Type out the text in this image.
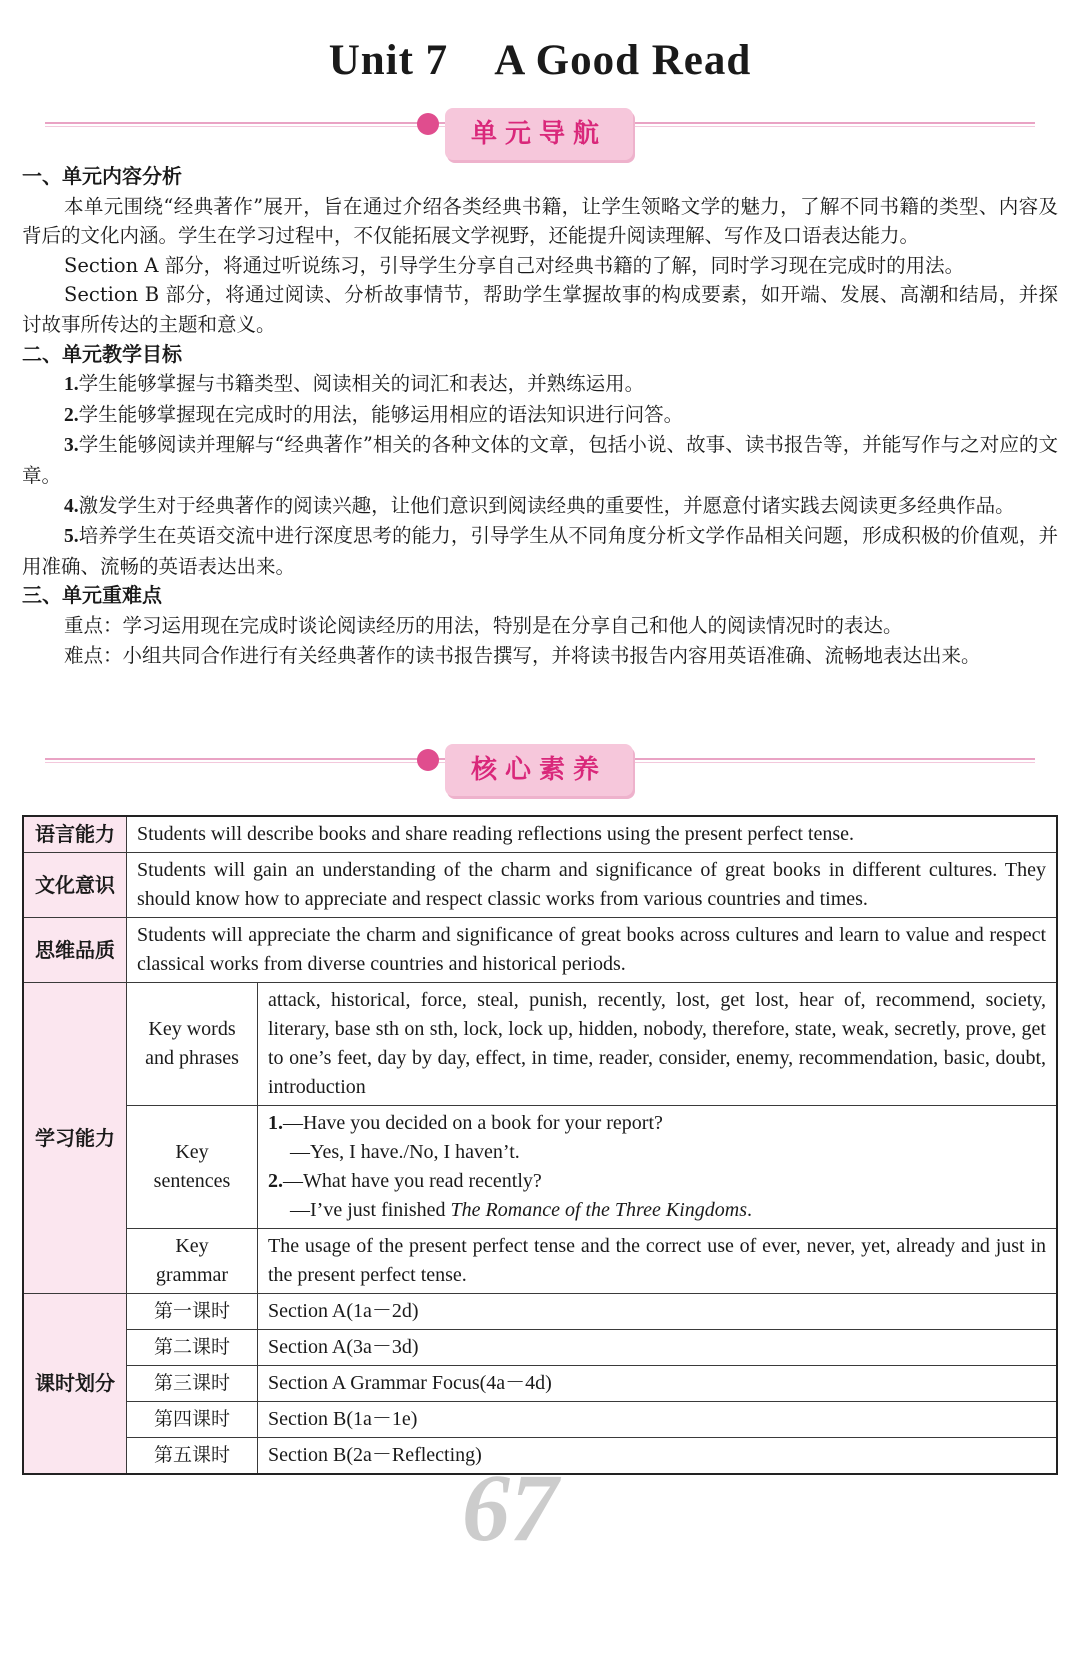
Unit 7 A Good Read
单元导航

一、单元内容分析

本单元围绕“经典著作”展开，旨在通过介绍各类经典书籍，让学生领略文学的魅力，了解不同书籍的类型、内容及背后的文化内涵。学生在学习过程中，不仅能拓展文学视野，还能提升阅读理解、写作及口语表达能力。

Section A 部分，将通过听说练习，引导学生分享自己对经典书籍的了解，同时学习现在完成时的用法。

Section B 部分，将通过阅读、分析故事情节，帮助学生掌握故事的构成要素，如开端、发展、高潮和结局，并探讨故事所传达的主题和意义。

二、单元教学目标

1.学生能够掌握与书籍类型、阅读相关的词汇和表达，并熟练运用。

2.学生能够掌握现在完成时的用法，能够运用相应的语法知识进行问答。

3.学生能够阅读并理解与“经典著作”相关的各种文体的文章，包括小说、故事、读书报告等，并能写作与之对应的文章。

4.激发学生对于经典著作的阅读兴趣，让他们意识到阅读经典的重要性，并愿意付诸实践去阅读更多经典作品。

5.培养学生在英语交流中进行深度思考的能力，引导学生从不同角度分析文学作品相关问题，形成积极的价值观，并用准确、流畅的英语表达出来。

三、单元重难点

重点：学习运用现在完成时谈论阅读经历的用法，特别是在分享自己和他人的阅读情况时的表达。

难点：小组共同合作进行有关经典著作的读书报告撰写，并将读书报告内容用英语准确、流畅地表达出来。

核心素养
语言能力	Students will describe books and share reading reflections using the present perfect tense.	
文化意识	Students will gain an understanding of the charm and significance of great books in different cultures. They should know how to appreciate and respect classic works from various countries and times.	
思维品质	Students will appreciate the charm and significance of great books across cultures and learn to value and respect classical works from diverse countries and historical periods.	
学习能力	Key words and phrases	attack, historical, force, steal, punish, recently, lost, get lost, hear of, recommend, society, literary, base sth on sth, lock, lock up, hidden, nobody, therefore, state, weak, secretly, prove, get to one’s feet, day by day, effect, in time, reader, consider, enemy, recommendation, basic, doubt, introduction
	Key sentences	1.—Have you decided on a book for your report?
—Yes, I have./No, I haven’t.
2.—What have you read recently?
—I’ve just finished The Romance of the Three Kingdoms.

	Key grammar	The usage of the present perfect tense and the correct use of ever, never, yet, already and just in the present perfect tense.
课时划分	第一课时	Section A(1a－2d)
	第二课时	Section A(3a－3d)
	第三课时	Section A Grammar Focus(4a－4d)
	第四课时	Section B(1a－1e)
	第五课时	Section B(2a－Reflecting)
67
